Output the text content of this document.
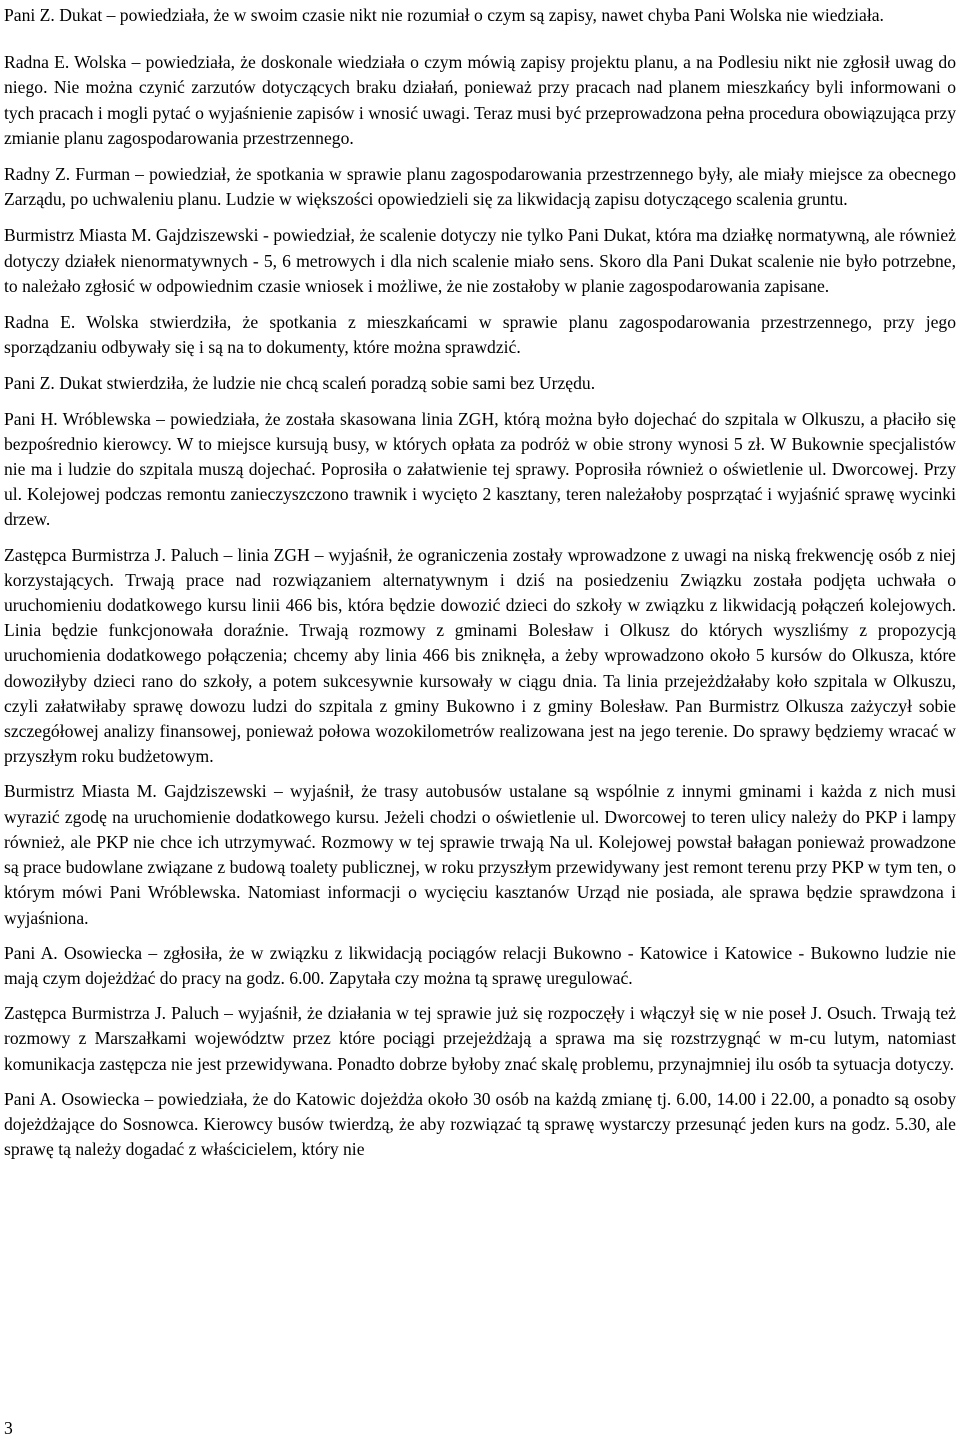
Pani Z. Dukat – powiedziała, że w swoim czasie nikt nie rozumiał o czym są zapisy, nawet chyba Pani Wolska nie wiedziała.

Radna E. Wolska – powiedziała, że doskonale wiedziała o czym mówią zapisy projektu planu, a na Podlesiu nikt nie zgłosił uwag do niego. Nie można czynić zarzutów dotyczących braku działań, ponieważ przy pracach nad planem mieszkańcy byli informowani o tych pracach i mogli pytać o wyjaśnienie zapisów i wnosić uwagi. Teraz musi być przeprowadzona pełna procedura obowiązująca przy zmianie planu zagospodarowania przestrzennego.

Radny Z. Furman – powiedział, że spotkania w sprawie planu zagospodarowania przestrzennego były, ale miały miejsce za obecnego Zarządu, po uchwaleniu planu. Ludzie w większości opowiedzieli się za likwidacją zapisu dotyczącego scalenia gruntu.

Burmistrz Miasta M. Gajdziszewski - powiedział, że scalenie dotyczy nie tylko Pani Dukat, która ma działkę normatywną, ale również dotyczy działek nienormatywnych - 5, 6 metrowych i dla nich scalenie miało sens. Skoro dla Pani Dukat scalenie nie było potrzebne, to należało zgłosić w odpowiednim czasie wniosek i możliwe, że nie zostałoby w planie zagospodarowania zapisane.

Radna E. Wolska stwierdziła, że spotkania z mieszkańcami w sprawie planu zagospodarowania przestrzennego, przy jego sporządzaniu odbywały się i są na to dokumenty, które można sprawdzić.

Pani Z. Dukat stwierdziła, że ludzie nie chcą scaleń poradzą sobie sami bez Urzędu.

Pani H. Wróblewska – powiedziała, że została skasowana linia ZGH, którą można było dojechać do szpitala w Olkuszu, a płaciło się bezpośrednio kierowcy. W to miejsce kursują busy, w których opłata za podróż w obie strony wynosi 5 zł. W Bukownie specjalistów nie ma i ludzie do szpitala muszą dojechać. Poprosiła o załatwienie tej sprawy. Poprosiła również o oświetlenie ul. Dworcowej. Przy ul. Kolejowej podczas remontu zanieczyszczono trawnik i wycięto 2 kasztany, teren należałoby posprzątać i wyjaśnić sprawę wycinki drzew.

Zastępca Burmistrza J. Paluch – linia ZGH – wyjaśnił, że ograniczenia zostały wprowadzone z uwagi na niską frekwencję osób z niej korzystających. Trwają prace nad rozwiązaniem alternatywnym i dziś na posiedzeniu Związku została podjęta uchwała o uruchomieniu dodatkowego kursu linii 466 bis, która będzie dowozić dzieci do szkoły w związku z likwidacją połączeń kolejowych. Linia będzie funkcjonowała doraźnie. Trwają rozmowy z gminami Bolesław i Olkusz do których wyszliśmy z propozycją uruchomienia dodatkowego połączenia; chcemy aby linia 466 bis zniknęła, a żeby wprowadzono około 5 kursów do Olkusza, które dowoziłyby dzieci rano do szkoły, a potem sukcesywnie kursowały w ciągu dnia. Ta linia przejeżdżałaby koło szpitala w Olkuszu, czyli załatwiłaby sprawę dowozu ludzi do szpitala z gminy Bukowno i z gminy Bolesław. Pan Burmistrz Olkusza zażyczył sobie szczegółowej analizy finansowej, ponieważ połowa wozokilometrów realizowana jest na jego terenie. Do sprawy będziemy wracać w przyszłym roku budżetowym.

Burmistrz Miasta M. Gajdziszewski – wyjaśnił, że trasy autobusów ustalane są wspólnie z innymi gminami i każda z nich musi wyrazić zgodę na uruchomienie dodatkowego kursu. Jeżeli chodzi o oświetlenie ul. Dworcowej to teren ulicy należy do PKP i lampy również, ale PKP nie chce ich utrzymywać. Rozmowy w tej sprawie trwają Na ul. Kolejowej powstał bałagan ponieważ prowadzone są prace budowlane związane z budową toalety publicznej, w roku przyszłym przewidywany jest remont terenu przy PKP w tym ten, o którym mówi Pani Wróblewska. Natomiast informacji o wycięciu kasztanów Urząd nie posiada, ale sprawa będzie sprawdzona i wyjaśniona.

Pani A. Osowiecka – zgłosiła, że w związku z likwidacją pociągów relacji Bukowno - Katowice i Katowice - Bukowno ludzie nie mają czym dojeżdżać do pracy na godz. 6.00. Zapytała czy można tą sprawę uregulować.

Zastępca Burmistrza J. Paluch – wyjaśnił, że działania w tej sprawie już się rozpoczęły i włączył się w nie poseł J. Osuch. Trwają też rozmowy z Marszałkami województw przez które pociągi przejeżdżają a sprawa ma się rozstrzygnąć w m-cu lutym, natomiast komunikacja zastępcza nie jest przewidywana. Ponadto dobrze byłoby znać skalę problemu, przynajmniej ilu osób ta sytuacja dotyczy.

Pani A. Osowiecka – powiedziała, że do Katowic dojeżdża około 30 osób na każdą zmianę tj. 6.00, 14.00 i 22.00, a ponadto są osoby dojeżdżające do Sosnowca. Kierowcy busów twierdzą, że aby rozwiązać tą sprawę wystarczy przesunąć jeden kurs na godz. 5.30, ale sprawę tą należy dogadać z właścicielem, który nie

3
